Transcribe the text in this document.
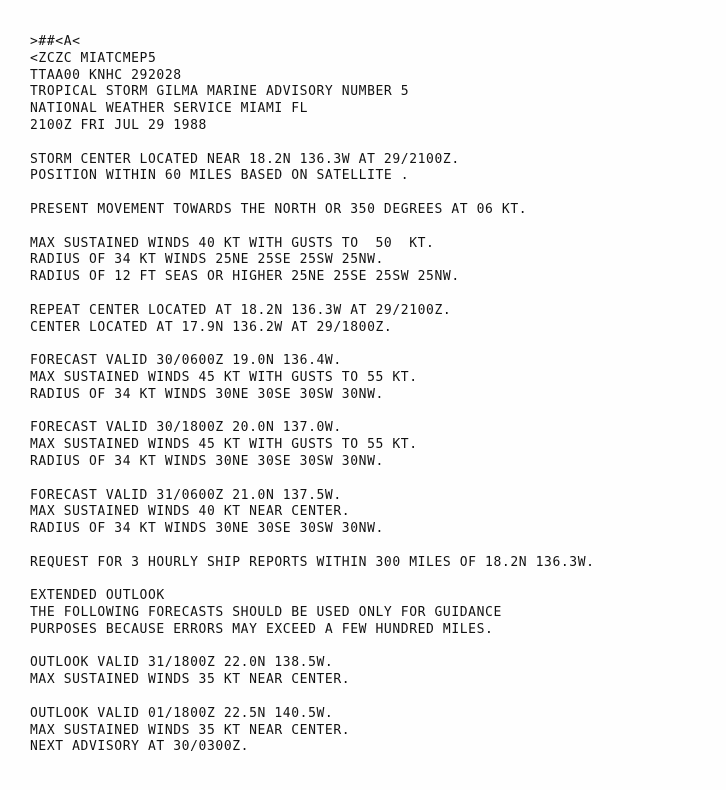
>##<A<
<ZCZC MIATCMEP5
TTAA00 KNHC 292028
TROPICAL STORM GILMA MARINE ADVISORY NUMBER 5
NATIONAL WEATHER SERVICE MIAMI FL
2100Z FRI JUL 29 1988
STORM CENTER LOCATED NEAR 18.2N 136.3W AT 29/2100Z.
POSITION WITHIN 60 MILES BASED ON SATELLITE .
PRESENT MOVEMENT TOWARDS THE NORTH OR 350 DEGREES AT 06 KT.
MAX SUSTAINED WINDS 40 KT WITH GUSTS TO  50  KT.
RADIUS OF 34 KT WINDS 25NE 25SE 25SW 25NW.
RADIUS OF 12 FT SEAS OR HIGHER 25NE 25SE 25SW 25NW.
REPEAT CENTER LOCATED AT 18.2N 136.3W AT 29/2100Z.
CENTER LOCATED AT 17.9N 136.2W AT 29/1800Z.
FORECAST VALID 30/0600Z 19.0N 136.4W.
MAX SUSTAINED WINDS 45 KT WITH GUSTS TO 55 KT.
RADIUS OF 34 KT WINDS 30NE 30SE 30SW 30NW.
FORECAST VALID 30/1800Z 20.0N 137.0W.
MAX SUSTAINED WINDS 45 KT WITH GUSTS TO 55 KT.
RADIUS OF 34 KT WINDS 30NE 30SE 30SW 30NW.
FORECAST VALID 31/0600Z 21.0N 137.5W.
MAX SUSTAINED WINDS 40 KT NEAR CENTER.
RADIUS OF 34 KT WINDS 30NE 30SE 30SW 30NW.
REQUEST FOR 3 HOURLY SHIP REPORTS WITHIN 300 MILES OF 18.2N 136.3W.
EXTENDED OUTLOOK
THE FOLLOWING FORECASTS SHOULD BE USED ONLY FOR GUIDANCE
PURPOSES BECAUSE ERRORS MAY EXCEED A FEW HUNDRED MILES.
OUTLOOK VALID 31/1800Z 22.0N 138.5W.
MAX SUSTAINED WINDS 35 KT NEAR CENTER.
OUTLOOK VALID 01/1800Z 22.5N 140.5W.
MAX SUSTAINED WINDS 35 KT NEAR CENTER.
NEXT ADVISORY AT 30/0300Z.
